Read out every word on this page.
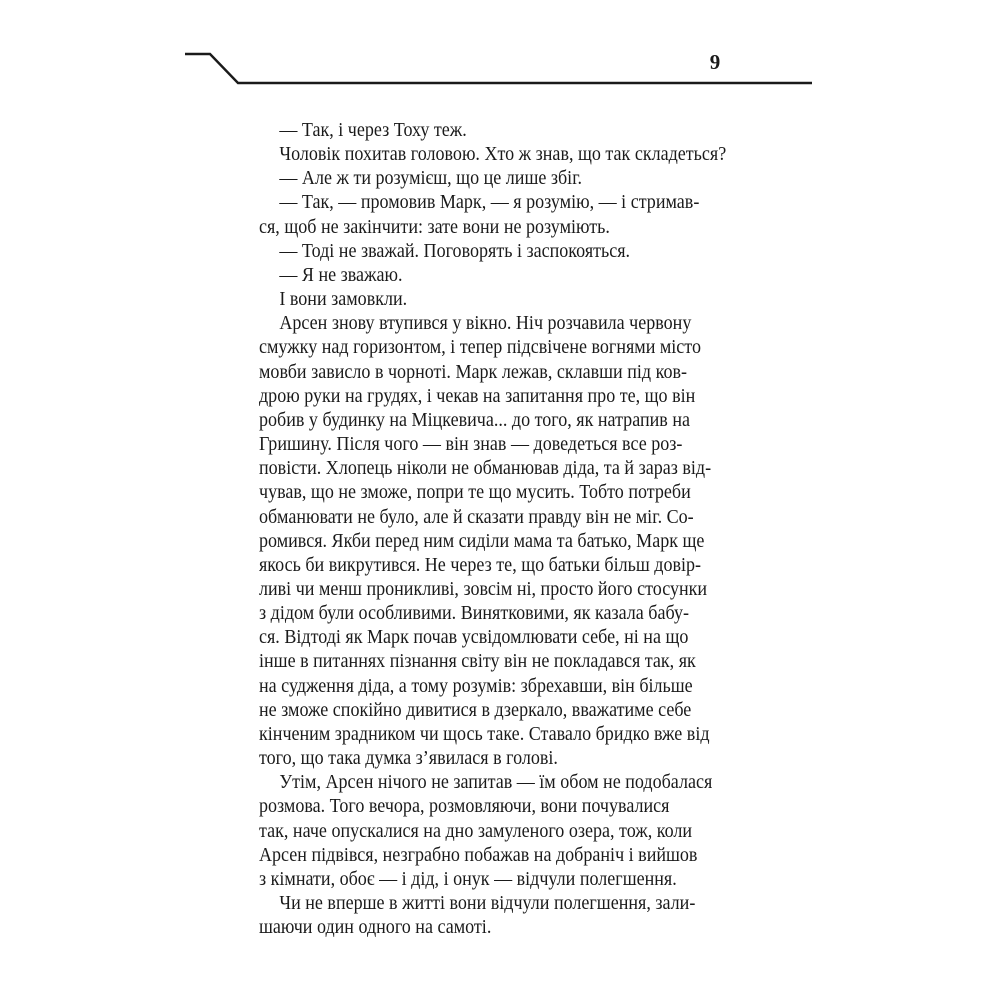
9

— Так, і через Тоху теж.

Чоловік похитав головою. Хто ж знав, що так складеться?

— Але ж ти розумієш, що це лише збіг.

— Так, — промовив Марк, — я розумію, — і стримав-
ся, щоб не закінчити: зате вони не розуміють.

— Тоді не зважай. Поговорять і заспокояться.

— Я не зважаю.

І вони замовкли.

Арсен знову втупився у вікно. Ніч розчавила червону
смужку над горизонтом, і тепер підсвічене вогнями місто
мовби зависло в чорноті. Марк лежав, склавши під ков-
дрою руки на грудях, і чекав на запитання про те, що він
робив у будинку на Міцкевича... до того, як натрапив на
Гришину. Після чого — він знав — доведеться все роз-
повісти. Хлопець ніколи не обманював діда, та й зараз від-
чував, що не зможе, попри те що мусить. Тобто потреби
обманювати не було, але й сказати правду він не міг. Со-
ромився. Якби перед ним сиділи мама та батько, Марк ще
якось би викрутився. Не через те, що батьки більш довір-
ливі чи менш проникливі, зовсім ні, просто його стосунки
з дідом були особливими. Винятковими, як казала бабу-
ся. Відтоді як Марк почав усвідомлювати себе, ні на що
інше в питаннях пізнання світу він не покладався так, як
на судження діда, а тому розумів: збрехавши, він більше
не зможе спокійно дивитися в дзеркало, вважатиме себе
кінченим зрадником чи щось таке. Ставало бридко вже від
того, що така думка з’явилася в голові.

Утім, Арсен нічого не запитав — їм обом не подобалася
розмова. Того вечора, розмовляючи, вони почувалися
так, наче опускалися на дно замуленого озера, тож, коли
Арсен підвівся, незграбно побажав на добраніч і вийшов
з кімнати, обоє — і дід, і онук — відчули полегшення.

Чи не вперше в житті вони відчули полегшення, зали-
шаючи один одного на самоті.
